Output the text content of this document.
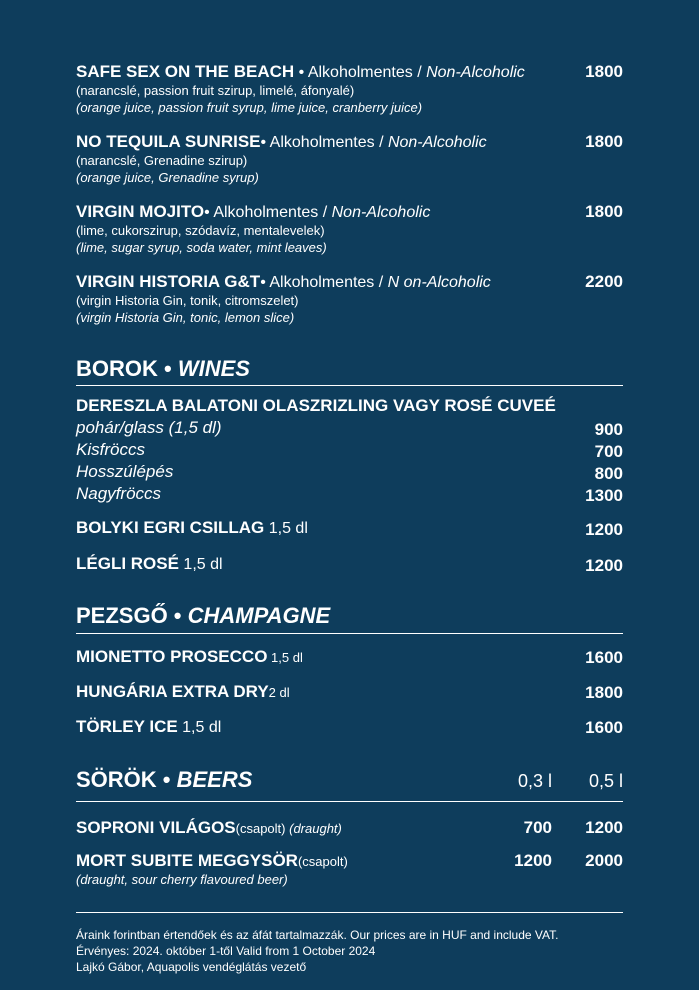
SAFE SEX ON THE BEACH • Alkoholmentes / Non-Alcoholic
(narancslé, passion fruit szirup, limelé, áfonyalé)
(orange juice, passion fruit syrup, lime juice, cranberry juice)
1800
NO TEQUILA SUNRISE• Alkoholmentes / Non-Alcoholic
(narancslé, Grenadine szirup)
(orange juice, Grenadine syrup)
1800
VIRGIN MOJITO• Alkoholmentes / Non-Alcoholic
(lime, cukorszirup, szódavíz, mentalevelek)
(lime, sugar syrup, soda water, mint leaves)
1800
VIRGIN HISTORIA G&T• Alkoholmentes / N on-Alcoholic
(virgin Historia Gin, tonik, citromszelet)
(virgin Historia Gin, tonic, lemon slice)
2200
BOROK • WINES
DERESZLA BALATONI OLASZRIZLING VAGY ROSÉ CUVEÉ
pohár/glass (1,5 dl)	900
Kisfröccs	700
Hosszúlépés	800
Nagyfröccs	1300
BOLYKI EGRI CSILLAG 1,5 dl	1200
LÉGLI ROSÉ 1,5 dl	1200
PEZSGŐ • CHAMPAGNE
MIONETTO PROSECCO 1,5 dl	1600
HUNGÁRIA EXTRA DRY2 dl	1800
TÖRLEY ICE 1,5 dl	1600
SÖRÖK • BEERS	0,3 l	0,5 l
SOPRONI VILÁGOS(csapolt) (draught)	700	1200
MORT SUBITE MEGGYSÖR(csapolt)
(draught, sour cherry flavoured beer)
1200	2000
Áraink forintban értendőek és az áfát tartalmazzák. Our prices are in HUF and include VAT.
Érvényes: 2024. október 1-től Valid from 1 October 2024
Lajkó Gábor, Aquapolis vendéglátás vezető
